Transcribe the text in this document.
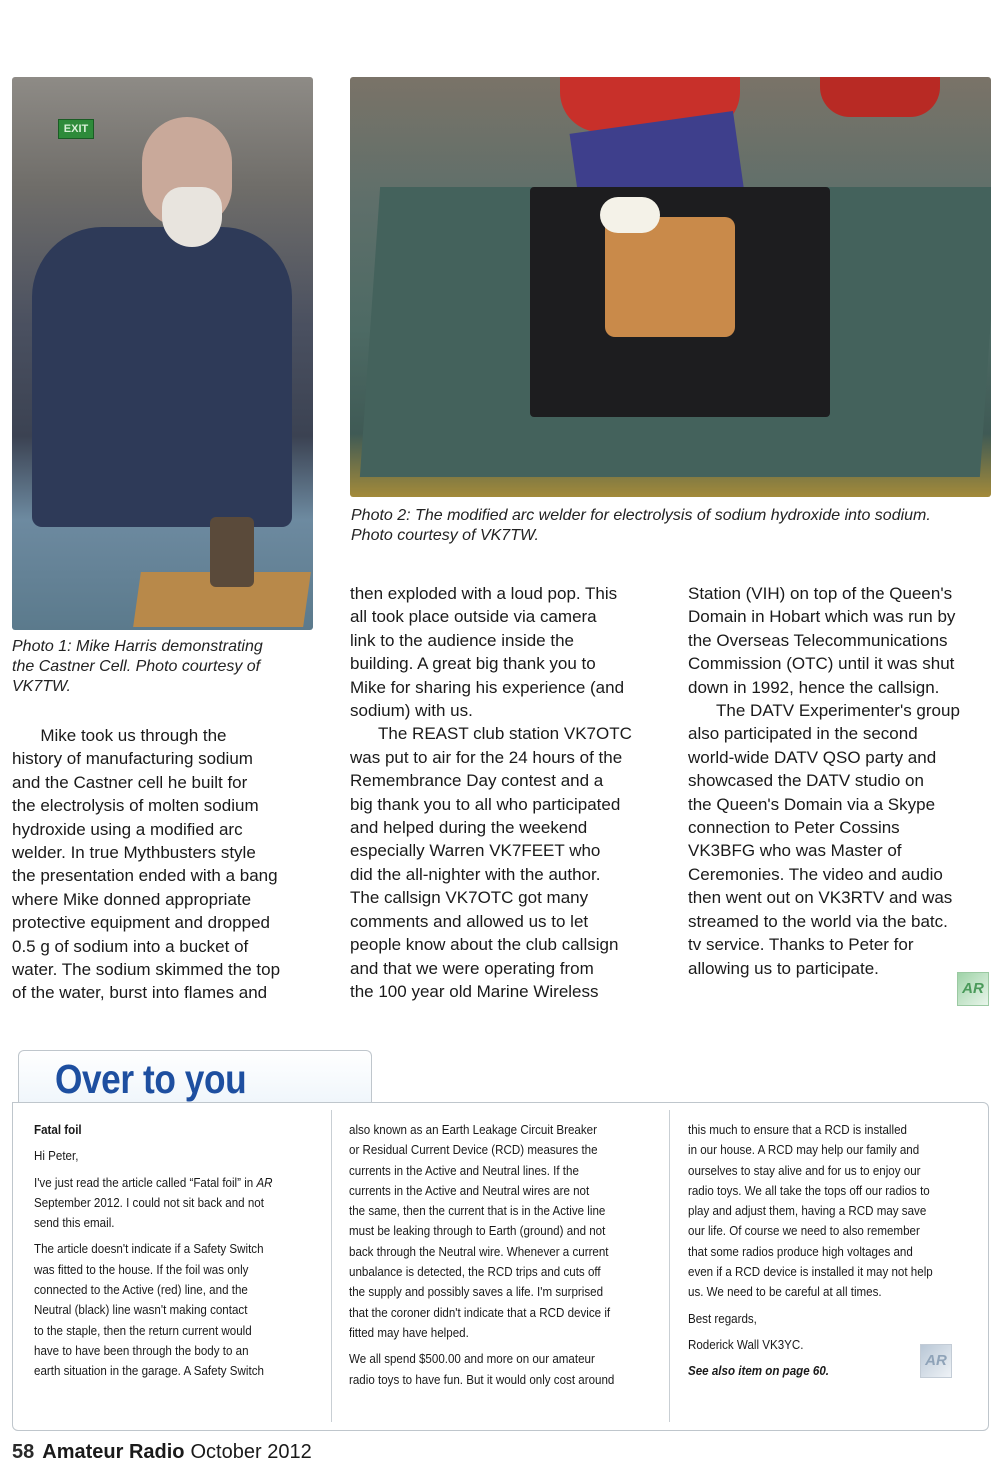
EXIT
Photo 1: Mike Harris demonstrating
the Castner Cell. Photo courtesy of
VK7TW.
Photo 2: The modified arc welder for electrolysis of sodium hydroxide into sodium.
Photo courtesy of VK7TW.
Mike took us through the
history of manufacturing sodium
and the Castner cell he built for
the electrolysis of molten sodium
hydroxide using a modified arc
welder. In true Mythbusters style
the presentation ended with a bang
where Mike donned appropriate
protective equipment and dropped
0.5 g of sodium into a bucket of
water. The sodium skimmed the top
of the water, burst into flames and
then exploded with a loud pop. This
all took place outside via camera
link to the audience inside the
building. A great big thank you to
Mike for sharing his experience (and
sodium) with us.
The REAST club station VK7OTC
was put to air for the 24 hours of the
Remembrance Day contest and a
big thank you to all who participated
and helped during the weekend
especially Warren VK7FEET who
did the all-nighter with the author.
The callsign VK7OTC got many
comments and allowed us to let
people know about the club callsign
and that we were operating from
the 100 year old Marine Wireless
Station (VIH) on top of the Queen's
Domain in Hobart which was run by
the Overseas Telecommunications
Commission (OTC) until it was shut
down in 1992, hence the callsign.
The DATV Experimenter's group
also participated in the second
world-wide DATV QSO party and
showcased the DATV studio on
the Queen's Domain via a Skype
connection to Peter Cossins
VK3BFG who was Master of
Ceremonies. The video and audio
then went out on VK3RTV and was
streamed to the world via the batc.
tv service. Thanks to Peter for
allowing us to participate.
AR
Over to you
Fatal foil
Hi Peter,
I've just read the article called “Fatal foil” in AR
September 2012. I could not sit back and not
send this email.
The article doesn't indicate if a Safety Switch
was fitted to the house. If the foil was only
connected to the Active (red) line, and the
Neutral (black) line wasn't making contact
to the staple, then the return current would
have to have been through the body to an
earth situation in the garage. A Safety Switch
also known as an Earth Leakage Circuit Breaker
or Residual Current Device (RCD) measures the
currents in the Active and Neutral lines. If the
currents in the Active and Neutral wires are not
the same, then the current that is in the Active line
must be leaking through to Earth (ground) and not
back through the Neutral wire. Whenever a current
unbalance is detected, the RCD trips and cuts off
the supply and possibly saves a life. I'm surprised
that the coroner didn't indicate that a RCD device if
fitted may have helped.
We all spend $500.00 and more on our amateur
radio toys to have fun. But it would only cost around
this much to ensure that a RCD is installed
in our house. A RCD may help our family and
ourselves to stay alive and for us to enjoy our
radio toys. We all take the tops off our radios to
play and adjust them, having a RCD may save
our life. Of course we need to also remember
that some radios produce high voltages and
even if a RCD device is installed it may not help
us. We need to be careful at all times.
Best regards,
Roderick Wall VK3YC.
See also item on page 60.
AR
58 Amateur Radio October 2012
